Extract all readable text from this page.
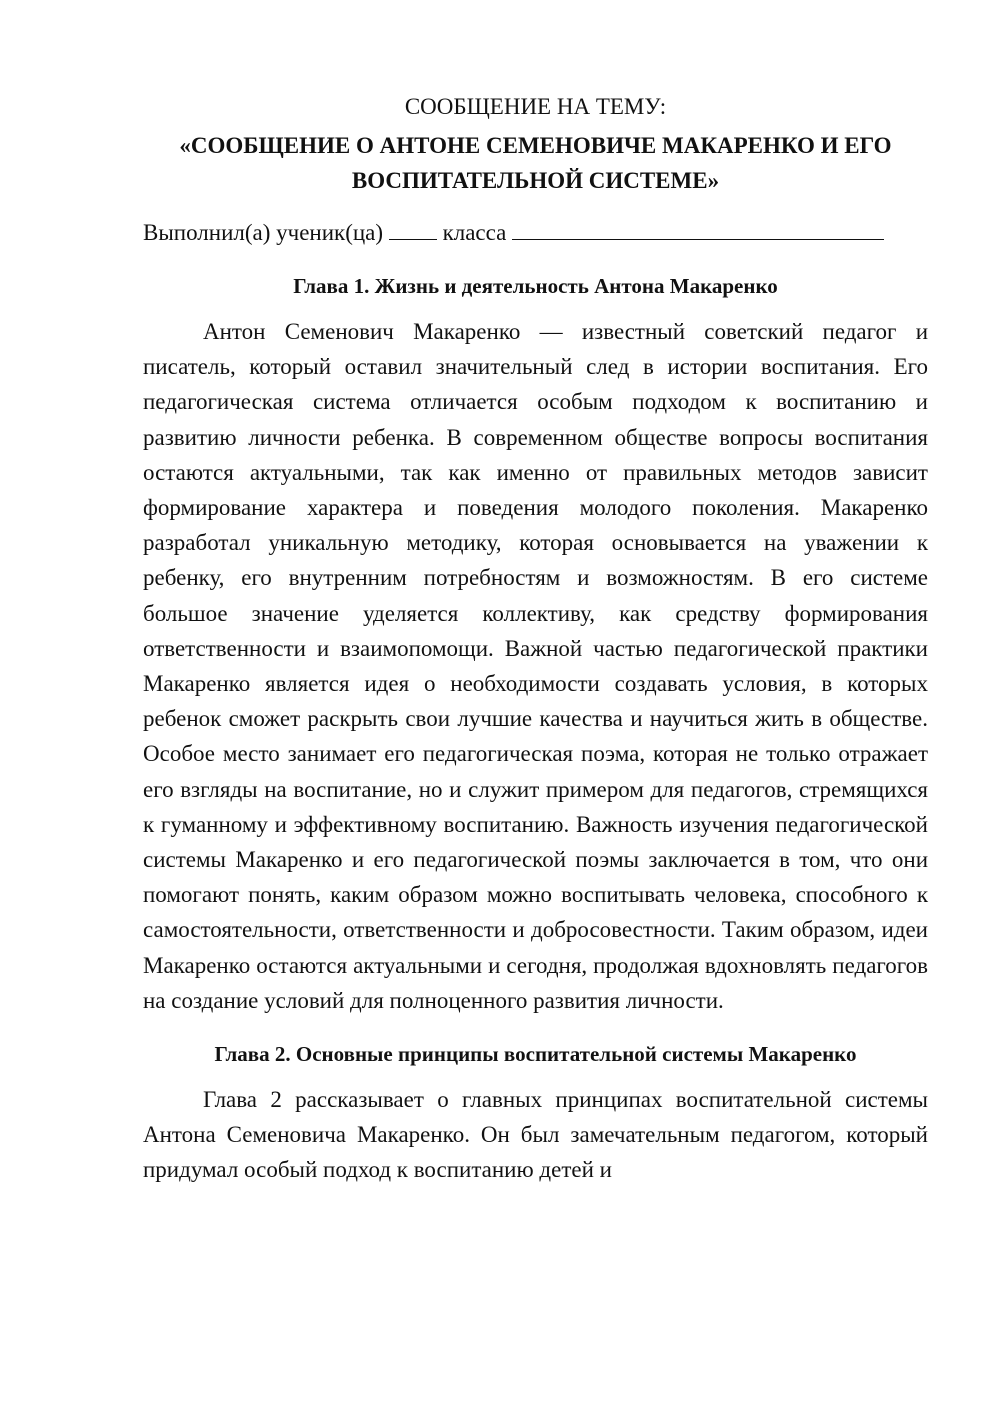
СООБЩЕНИЕ НА ТЕМУ:

«СООБЩЕНИЕ О АНТОНЕ СЕМЕНОВИЧЕ МАКАРЕНКО И ЕГО ВОСПИТАТЕЛЬНОЙ СИСТЕМЕ»

Выполнил(а) ученик(ца)	класса

Глава 1. Жизнь и деятельность Антона Макаренко

Антон Семенович Макаренко — известный советский педагог и писатель, который оставил значительный след в истории воспитания. Его педагогическая система отличается особым подходом к воспитанию и развитию личности ребенка. В современном обществе вопросы воспитания остаются актуальными, так как именно от правильных методов зависит формирование характера и поведения молодого поколения. Макаренко разработал уникальную методику, которая основывается на уважении к ребенку, его внутренним потребностям и возможностям. В его системе большое значение уделяется коллективу, как средству формирования ответственности и взаимопомощи. Важной частью педагогической практики Макаренко является идея о необходимости создавать условия, в которых ребенок сможет раскрыть свои лучшие качества и научиться жить в обществе. Особое место занимает его педагогическая поэма, которая не только отражает его взгляды на воспитание, но и служит примером для педагогов, стремящихся к гуманному и эффективному воспитанию. Важность изучения педагогической системы Макаренко и его педагогической поэмы заключается в том, что они помогают понять, каким образом можно воспитывать человека, способного к самостоятельности, ответственности и добросовестности. Таким образом, идеи Макаренко остаются актуальными и сегодня, продолжая вдохновлять педагогов на создание условий для полноценного развития личности.

Глава 2. Основные принципы воспитательной системы Макаренко

Глава 2 рассказывает о главных принципах воспитательной системы Антона Семеновича Макаренко. Он был замечательным педагогом, который придумал особый подход к воспитанию детей и
